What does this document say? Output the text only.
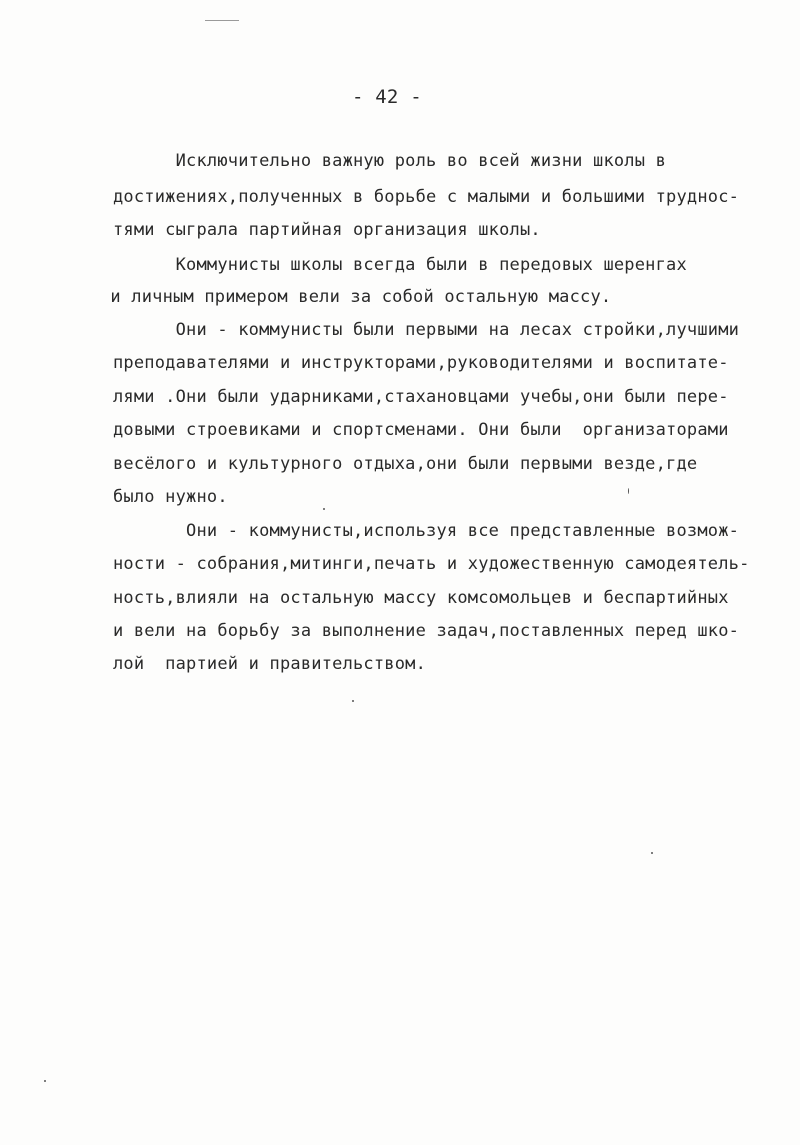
- 42 -

Исключительно важную роль во всей жизни школы в

достижениях,полученных в борьбе с малыми и большими труднос-

тями сыграла партийная организация школы.

Коммунисты школы всегда были в передовых шеренгах

и личным примером вели за собой остальную массу.

Они - коммунисты были первыми на лесах стройки,лучшими

преподавателями и инструкторами,руководителями и воспитате-

лями .Они были ударниками,стахановцами учебы,они были пере-

довыми строевиками и спортсменами. Они были  организаторами

весёлого и культурного отдыха,они были первыми везде,где

было нужно.

Они - коммунисты,используя все представленные возмож-

ности - собрания,митинги,печать и художественную самодеятель-

ность,влияли на остальную массу комсомольцев и беспартийных

и вели на борьбу за выполнение задач,поставленных перед шко-

лой  партией и правительством.
